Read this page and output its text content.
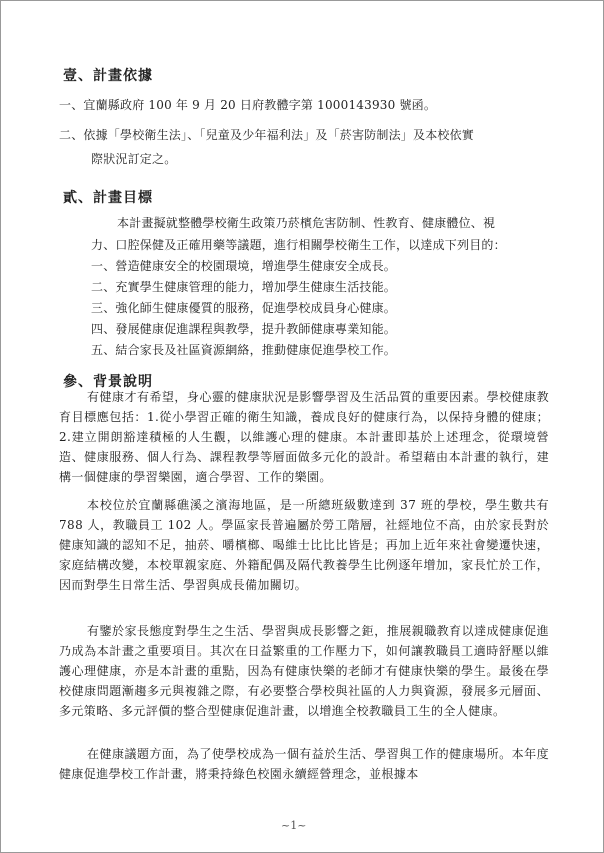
壹、計畫依據
一、宜蘭縣政府 100 年 9 月 20 日府教體字第 1000143930 號函。
二、依據「學校衛生法」、「兒童及少年福利法」及「菸害防制法」及本校依實
際狀況訂定之。
貳、計畫目標
本計畫擬就整體學校衛生政策乃菸檳危害防制、性教育、健康體位、視
力、口腔保健及正確用藥等議題，進行相關學校衛生工作，以達成下列目的：
一、營造健康安全的校園環境，增進學生健康安全成長。
二、充實學生健康管理的能力，增加學生健康生活技能。
三、強化師生健康優質的服務，促進學校成員身心健康。
四、發展健康促進課程與教學，提升教師健康專業知能。
五、結合家長及社區資源網絡，推動健康促進學校工作。
參、背景說明
有健康才有希望，身心靈的健康狀況是影響學習及生活品質的重要因素。學校健康教育目標應包括：1.從小學習正確的衛生知識，養成良好的健康行為，以保持身體的健康；2.建立開朗豁達積極的人生觀，以維護心理的健康。本計畫即基於上述理念，從環境營造、健康服務、個人行為、課程教學等層面做多元化的設計。希望藉由本計畫的執行，建構一個健康的學習樂園，適合學習、工作的樂園。
本校位於宜蘭縣礁溪之濱海地區，是一所總班級數達到 37 班的學校，學生數共有 788 人，教職員工 102 人。學區家長普遍屬於勞工階層，社經地位不高，由於家長對於健康知識的認知不足，抽菸、嚼檳榔、喝維士比比比皆是；再加上近年來社會變遷快速，家庭結構改變，本校單親家庭、外籍配偶及隔代教養學生比例逐年增加，家長忙於工作，因而對學生日常生活、學習與成長備加關切。
有鑒於家長態度對學生之生活、學習與成長影響之鉅，推展親職教育以達成健康促進乃成為本計畫之重要項目。其次在日益繁重的工作壓力下，如何讓教職員工適時舒壓以維護心理健康，亦是本計畫的重點，因為有健康快樂的老師才有健康快樂的學生。最後在學校健康問題漸趨多元與複雜之際，有必要整合學校與社區的人力與資源，發展多元層面、多元策略、多元評價的整合型健康促進計畫，以增進全校教職員工生的全人健康。
在健康議題方面，為了使學校成為一個有益於生活、學習與工作的健康場所。本年度健康促進學校工作計畫，將秉持綠色校園永續經營理念，並根據本
~1~
